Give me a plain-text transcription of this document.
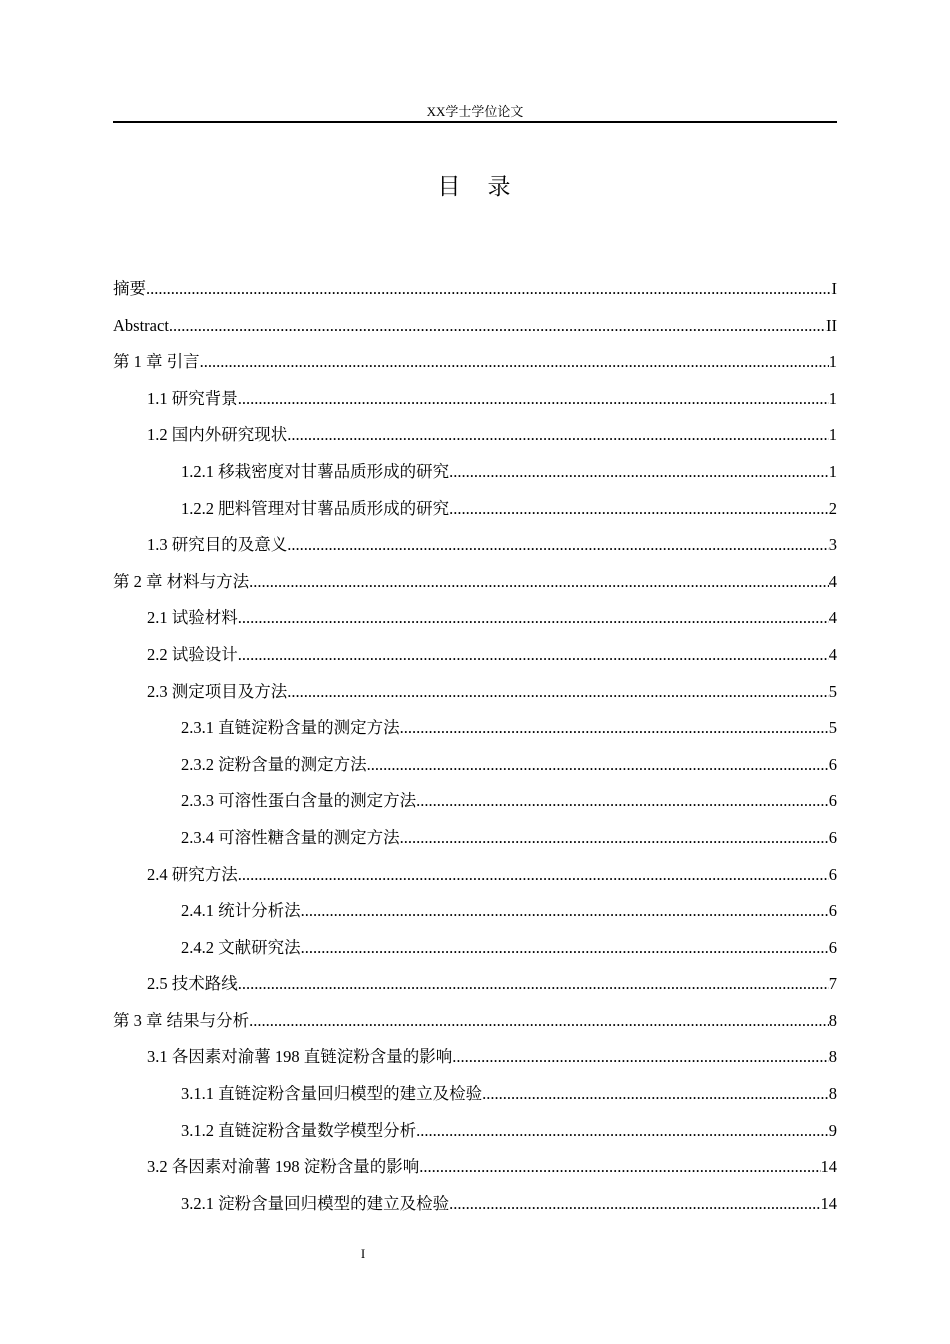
XX学士学位论文
目　录
摘要 .....	I
Abstract .....	II
第 1 章 引言 .....	1
1.1 研究背景 .....	1
1.2 国内外研究现状 .....	1
1.2.1 移栽密度对甘薯品质形成的研究 .....	1
1.2.2 肥料管理对甘薯品质形成的研究 .....	2
1.3 研究目的及意义 .....	3
第 2 章 材料与方法 .....	4
2.1 试验材料 .....	4
2.2 试验设计 .....	4
2.3 测定项目及方法 .....	5
2.3.1 直链淀粉含量的测定方法 .....	5
2.3.2 淀粉含量的测定方法 .....	6
2.3.3 可溶性蛋白含量的测定方法 .....	6
2.3.4 可溶性糖含量的测定方法 .....	6
2.4 研究方法 .....	6
2.4.1 统计分析法 .....	6
2.4.2 文献研究法 .....	6
2.5 技术路线 .....	7
第 3 章 结果与分析 .....	8
3.1 各因素对渝薯 198 直链淀粉含量的影响 .....	8
3.1.1 直链淀粉含量回归模型的建立及检验 .....	8
3.1.2 直链淀粉含量数学模型分析 .....	9
3.2 各因素对渝薯 198 淀粉含量的影响 .....	14
3.2.1 淀粉含量回归模型的建立及检验 .....	14
I
